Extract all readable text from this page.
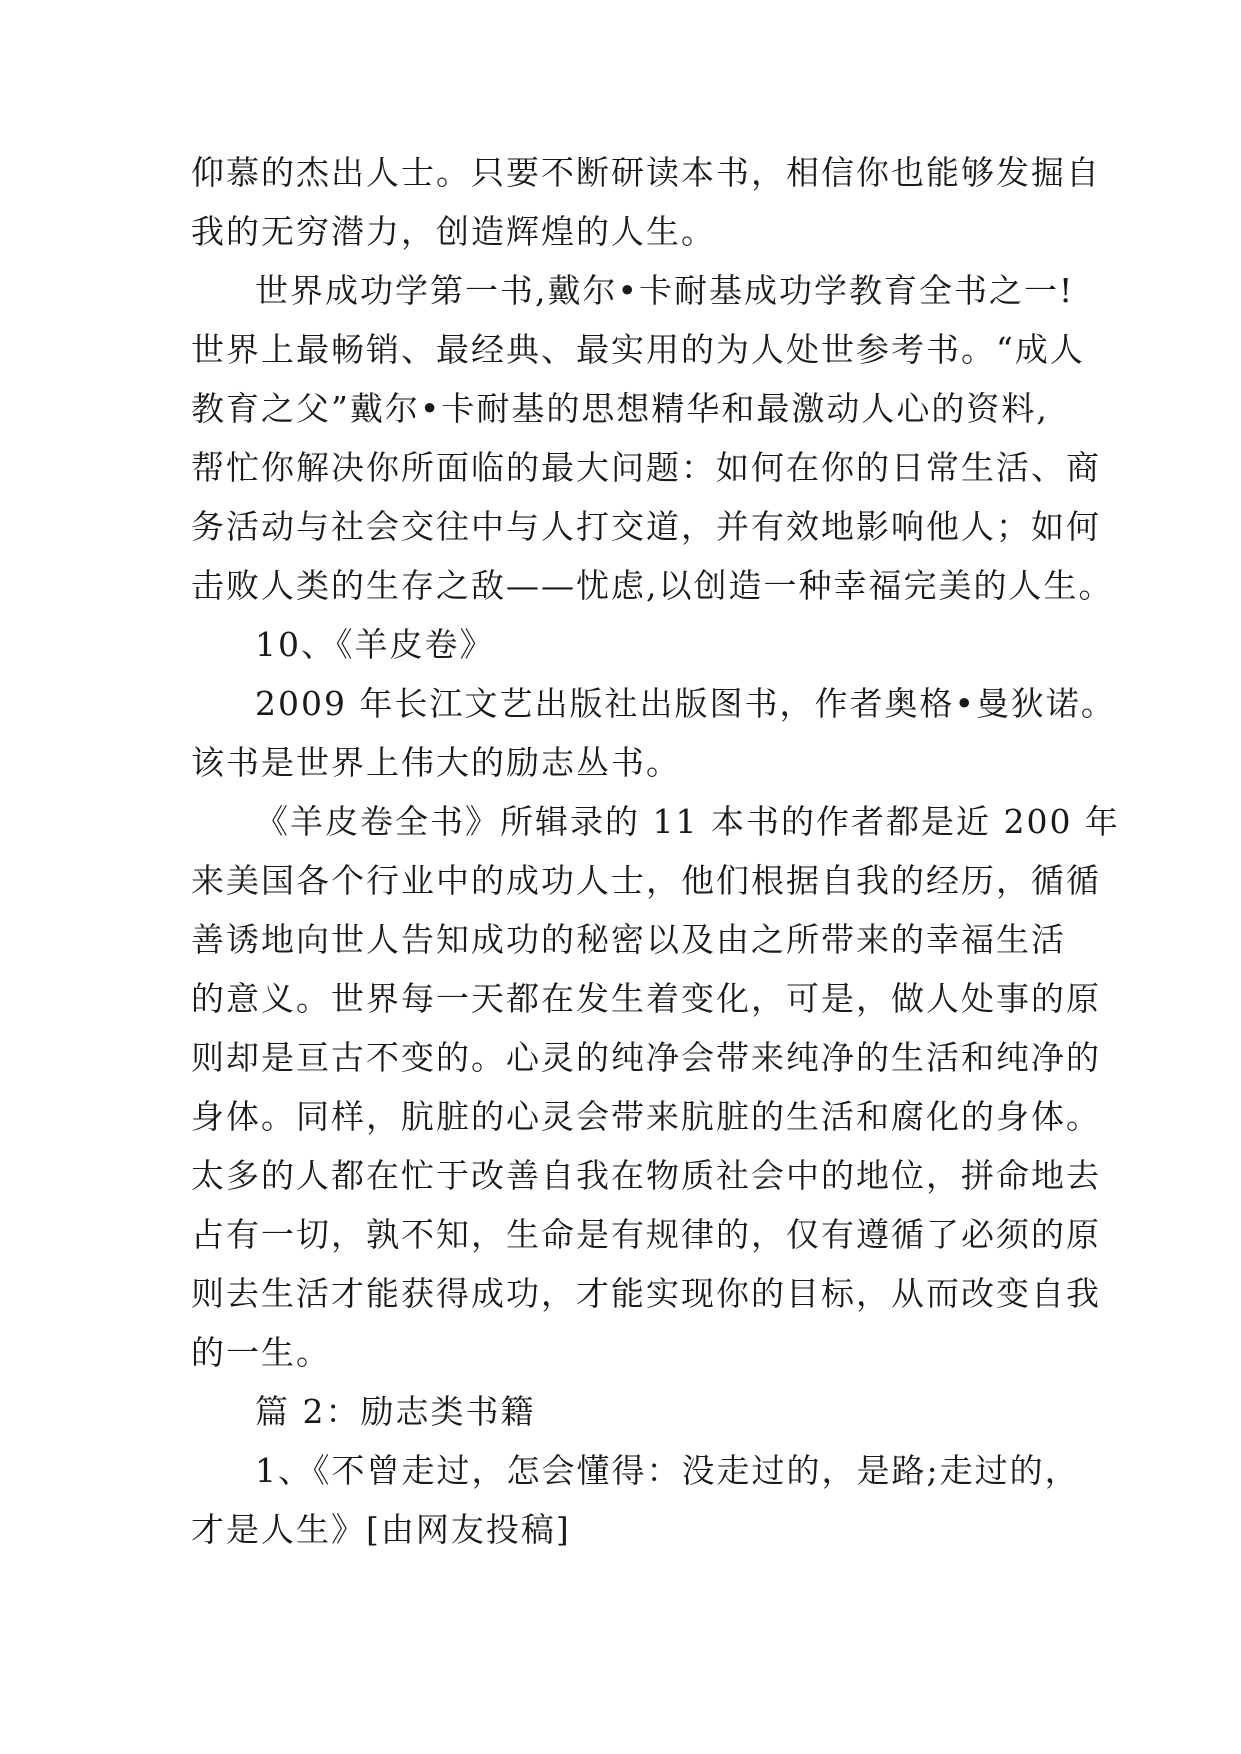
仰慕的杰出人士。只要不断研读本书，相信你也能够发掘自
我的无穷潜力，创造辉煌的人生。
世界成功学第一书,戴尔•卡耐基成功学教育全书之一!
世界上最畅销、最经典、最实用的为人处世参考书。“成人
教育之父”戴尔•卡耐基的思想精华和最激动人心的资料,
帮忙你解决你所面临的最大问题：如何在你的日常生活、商
务活动与社会交往中与人打交道，并有效地影响他人；如何
击败人类的生存之敌——忧虑,以创造一种幸福完美的人生。
10、《羊皮卷》
2009 年长江文艺出版社出版图书，作者奥格•曼狄诺。
该书是世界上伟大的励志丛书。
《羊皮卷全书》所辑录的 11 本书的作者都是近 200 年
来美国各个行业中的成功人士，他们根据自我的经历，循循
善诱地向世人告知成功的秘密以及由之所带来的幸福生活
的意义。世界每一天都在发生着变化，可是，做人处事的原
则却是亘古不变的。心灵的纯净会带来纯净的生活和纯净的
身体。同样，肮脏的心灵会带来肮脏的生活和腐化的身体。
太多的人都在忙于改善自我在物质社会中的地位，拼命地去
占有一切，孰不知，生命是有规律的，仅有遵循了必须的原
则去生活才能获得成功，才能实现你的目标，从而改变自我
的一生。
篇 2：励志类书籍
1、《不曾走过，怎会懂得：没走过的，是路;走过的，
才是人生》[由网友投稿]
